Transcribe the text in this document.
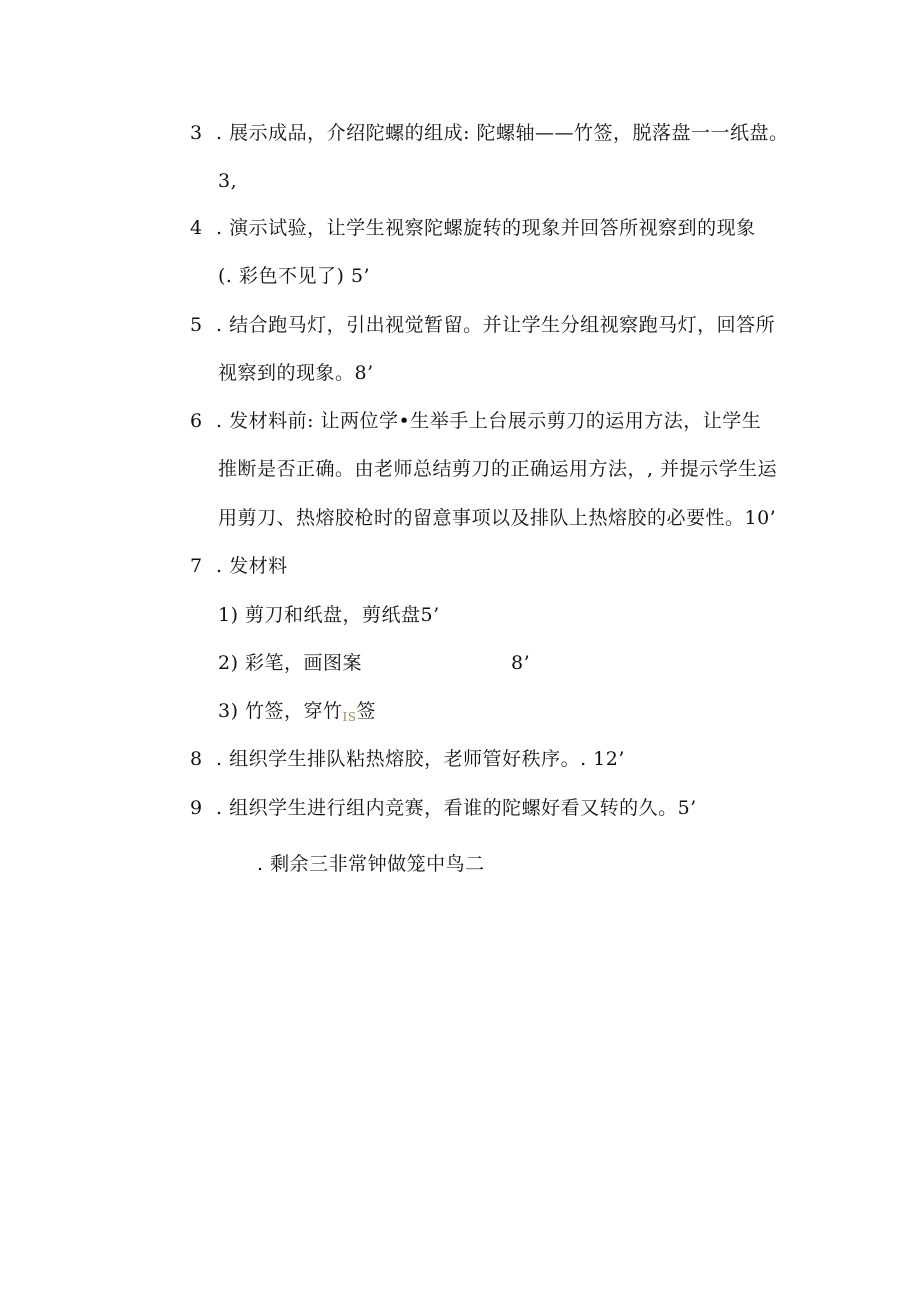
3 . 展示成品，介绍陀螺的组成: 陀螺轴——竹签，脱落盘一一纸盘。
3,
4 . 演示试验，让学生视察陀螺旋转的现象并回答所视察到的现象
(. 彩色不见了) 5’
5 . 结合跑马灯，引出视觉暂留。并让学生分组视察跑马灯，回答所
视察到的现象。8’
6 . 发材料前: 让两位学•生举手上台展示剪刀的运用方法，让学生
推断是否正确。由老师总结剪刀的正确运用方法，, 并提示学生运
用剪刀、热熔胶枪时的留意事项以及排队上热熔胶的必要性。10’
7 . 发材料
1) 剪刀和纸盘，剪纸盘5’
2) 彩笔，画图案	8’
3) 竹签，穿竹$_{IS}$签
8 . 组织学生排队粘热熔胶，老师管好秩序。. 12’
9 . 组织学生进行组内竞赛，看谁的陀螺好看又转的久。5’
. 剩余三非常钟做笼中鸟二
